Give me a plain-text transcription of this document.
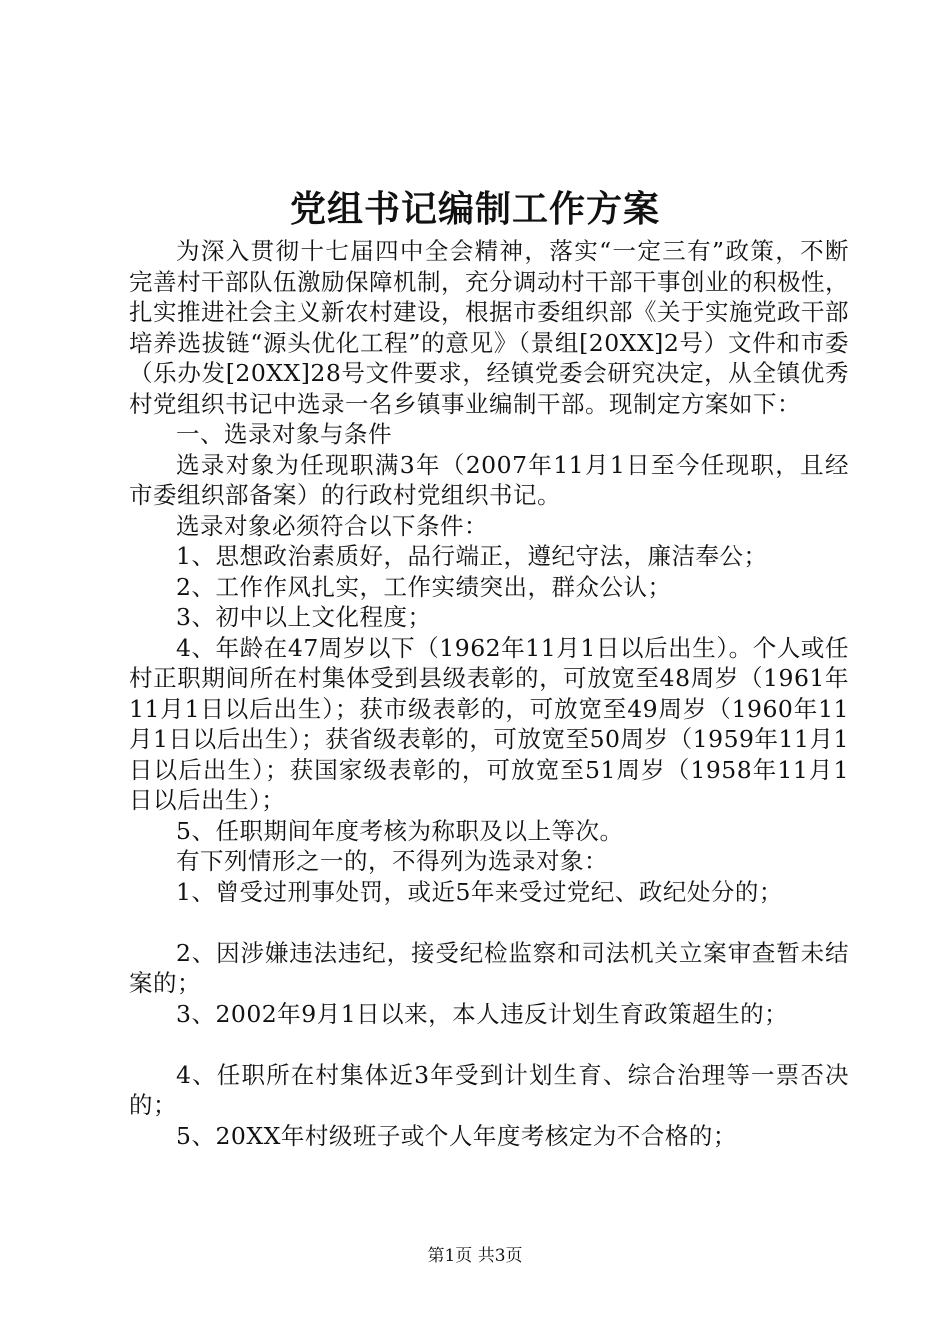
党组书记编制工作方案

为深入贯彻十七届四中全会精神，落实“一定三有”政策，不断完善村干部队伍激励保障机制，充分调动村干部干事创业的积极性，扎实推进社会主义新农村建设，根据市委组织部《关于实施党政干部培养选拔链“源头优化工程”的意见》（景组[20XX]2号）文件和市委（乐办发[20XX]28号文件要求，经镇党委会研究决定，从全镇优秀村党组织书记中选录一名乡镇事业编制干部。现制定方案如下：

一、选录对象与条件

选录对象为任现职满3年（2007年11月1日至今任现职，且经市委组织部备案）的行政村党组织书记。

选录对象必须符合以下条件：

1、思想政治素质好，品行端正，遵纪守法，廉洁奉公；

2、工作作风扎实，工作实绩突出，群众公认；

3、初中以上文化程度；

4、年龄在47周岁以下（1962年11月1日以后出生）。个人或任村正职期间所在村集体受到县级表彰的，可放宽至48周岁（1961年11月1日以后出生）；获市级表彰的，可放宽至49周岁（1960年11月1日以后出生）；获省级表彰的，可放宽至50周岁（1959年11月1日以后出生）；获国家级表彰的，可放宽至51周岁（1958年11月1日以后出生）；

5、任职期间年度考核为称职及以上等次。

有下列情形之一的，不得列为选录对象：

1、曾受过刑事处罚，或近5年来受过党纪、政纪处分的；

2、因涉嫌违法违纪，接受纪检监察和司法机关立案审查暂未结案的；

3、2002年9月1日以来，本人违反计划生育政策超生的；

4、任职所在村集体近3年受到计划生育、综合治理等一票否决的；

5、20XX年村级班子或个人年度考核定为不合格的；

第1页 共3页
